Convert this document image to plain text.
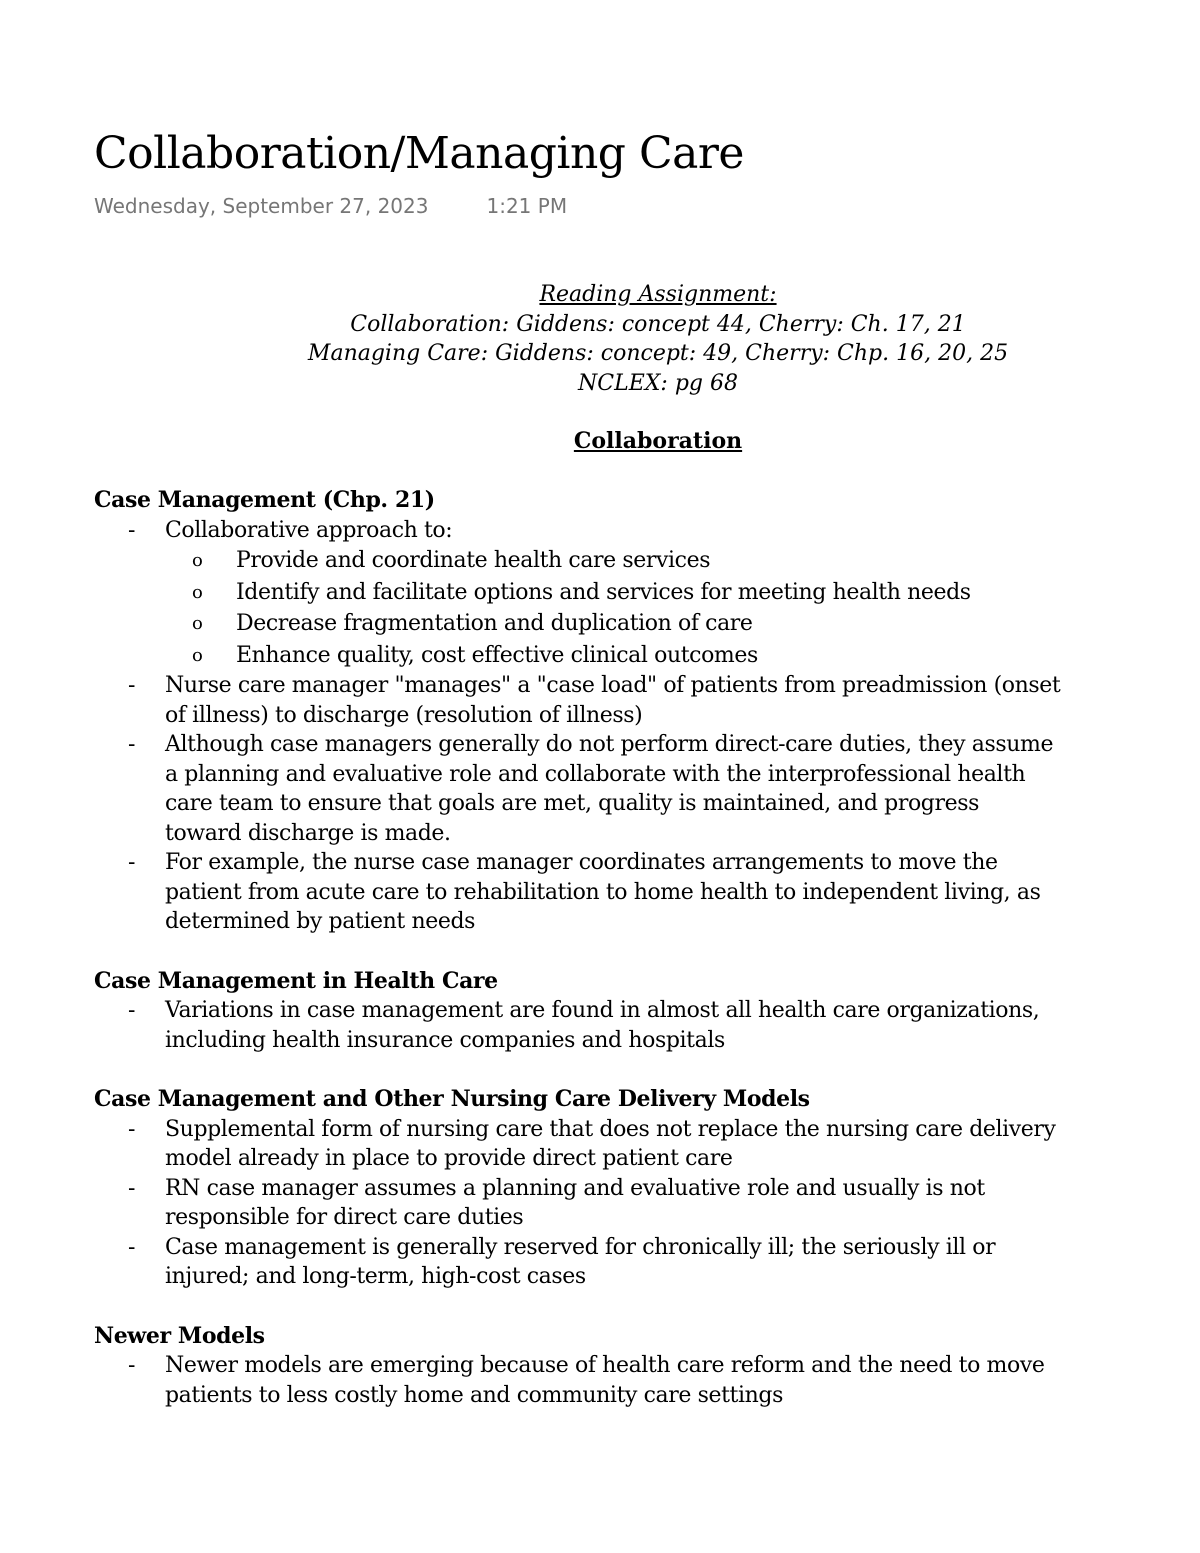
Collaboration/Managing Care
Wednesday, September 27, 2023	1:21 PM
Reading Assignment:
Collaboration: Giddens: concept 44, Cherry: Ch. 17, 21
Managing Care: Giddens: concept: 49, Cherry: Chp. 16, 20, 25
NCLEX: pg 68
Collaboration
Case Management (Chp. 21)
-	Collaborative approach to:
o	Provide and coordinate health care services
o	Identify and facilitate options and services for meeting health needs
o	Decrease fragmentation and duplication of care
o	Enhance quality, cost effective clinical outcomes
-	Nurse care manager "manages" a "case load" of patients from preadmission (onset
of illness) to discharge (resolution of illness)
-	Although case managers generally do not perform direct-care duties, they assume
a planning and evaluative role and collaborate with the interprofessional health
care team to ensure that goals are met, quality is maintained, and progress
toward discharge is made.
-	For example, the nurse case manager coordinates arrangements to move the
patient from acute care to rehabilitation to home health to independent living, as
determined by patient needs
Case Management in Health Care
-	Variations in case management are found in almost all health care organizations,
including health insurance companies and hospitals
Case Management and Other Nursing Care Delivery Models
-	Supplemental form of nursing care that does not replace the nursing care delivery
model already in place to provide direct patient care
-	RN case manager assumes a planning and evaluative role and usually is not
responsible for direct care duties
-	Case management is generally reserved for chronically ill; the seriously ill or
injured; and long-term, high-cost cases
Newer Models
-	Newer models are emerging because of health care reform and the need to move
patients to less costly home and community care settings
